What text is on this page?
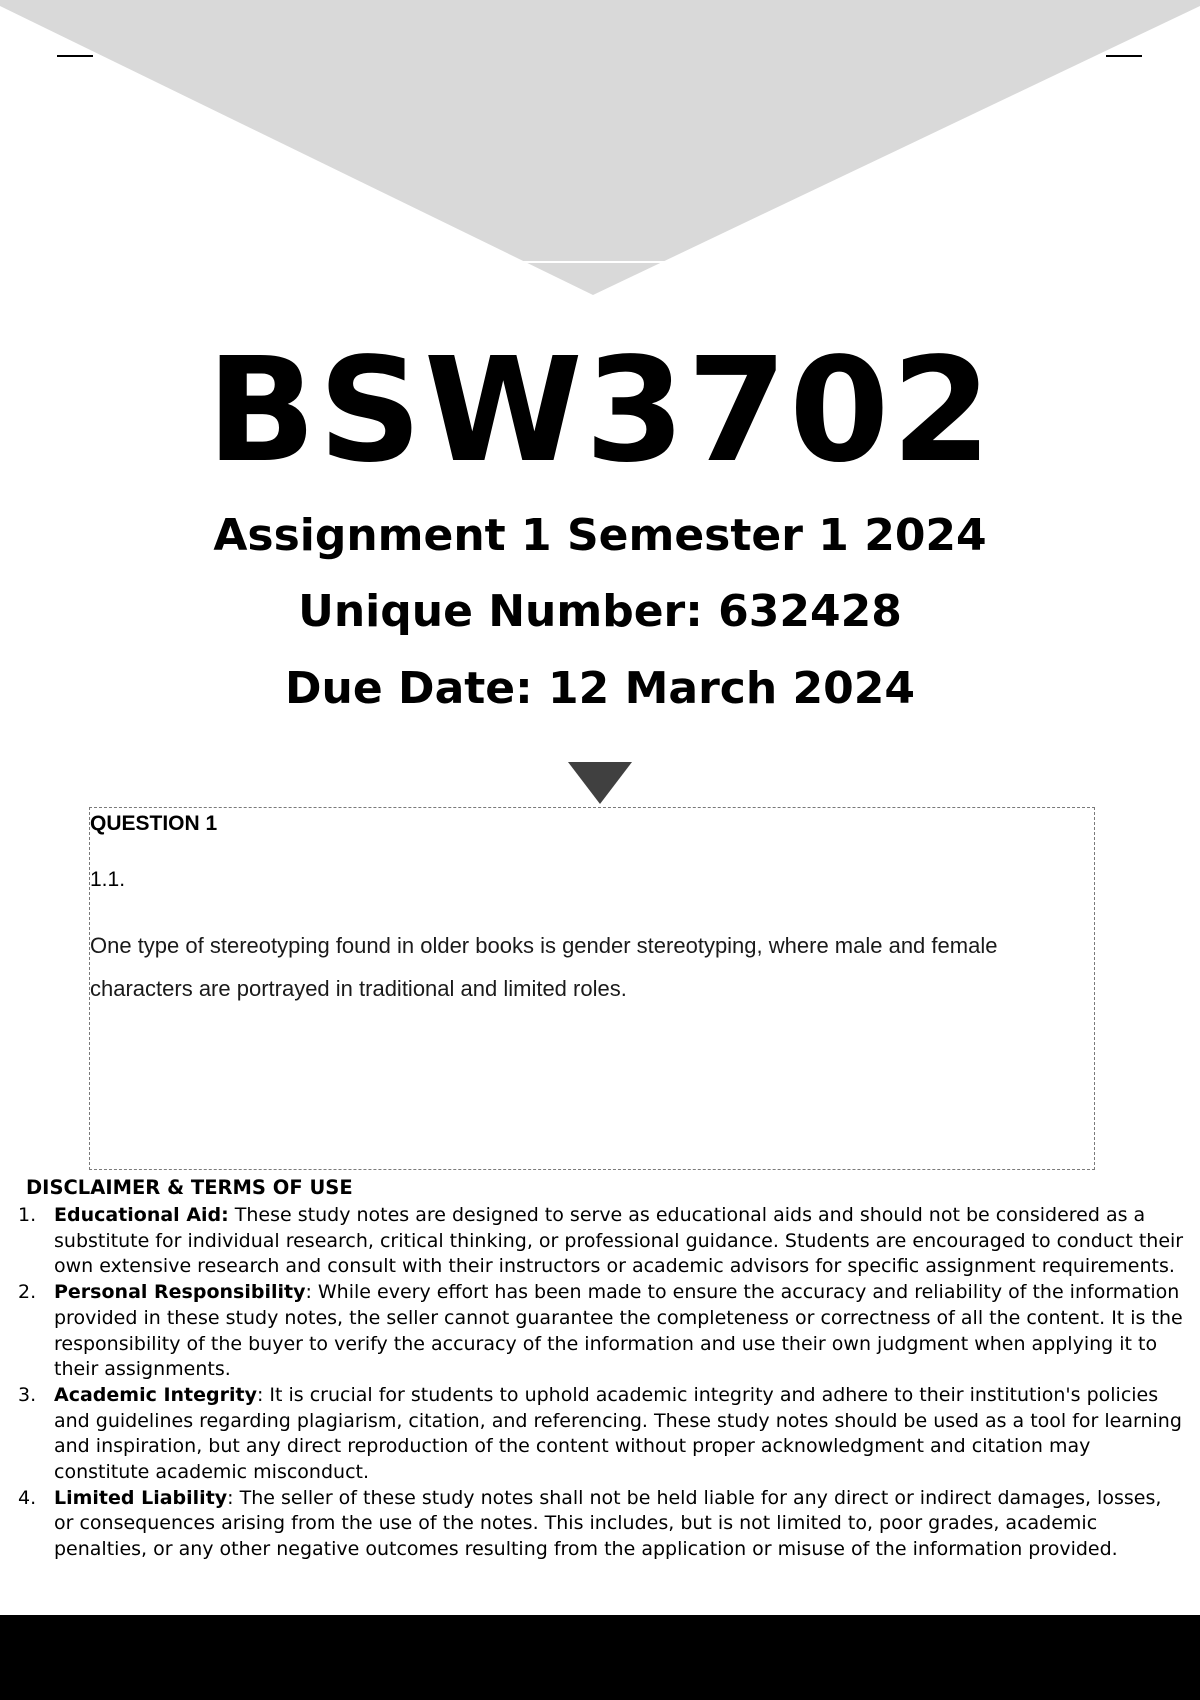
BSW3702
Assignment 1 Semester 1 2024
Unique Number: 632428
Due Date: 12 March 2024
QUESTION 1
1.1.
One type of stereotyping found in older books is gender stereotyping, where male and female characters are portrayed in traditional and limited roles.
DISCLAIMER & TERMS OF USE
1. Educational Aid: These study notes are designed to serve as educational aids and should not be considered as a substitute for individual research, critical thinking, or professional guidance. Students are encouraged to conduct their own extensive research and consult with their instructors or academic advisors for specific assignment requirements.
2. Personal Responsibility: While every effort has been made to ensure the accuracy and reliability of the information provided in these study notes, the seller cannot guarantee the completeness or correctness of all the content. It is the responsibility of the buyer to verify the accuracy of the information and use their own judgment when applying it to their assignments.
3. Academic Integrity: It is crucial for students to uphold academic integrity and adhere to their institution's policies and guidelines regarding plagiarism, citation, and referencing. These study notes should be used as a tool for learning and inspiration, but any direct reproduction of the content without proper acknowledgment and citation may constitute academic misconduct.
4. Limited Liability: The seller of these study notes shall not be held liable for any direct or indirect damages, losses, or consequences arising from the use of the notes. This includes, but is not limited to, poor grades, academic penalties, or any other negative outcomes resulting from the application or misuse of the information provided.
